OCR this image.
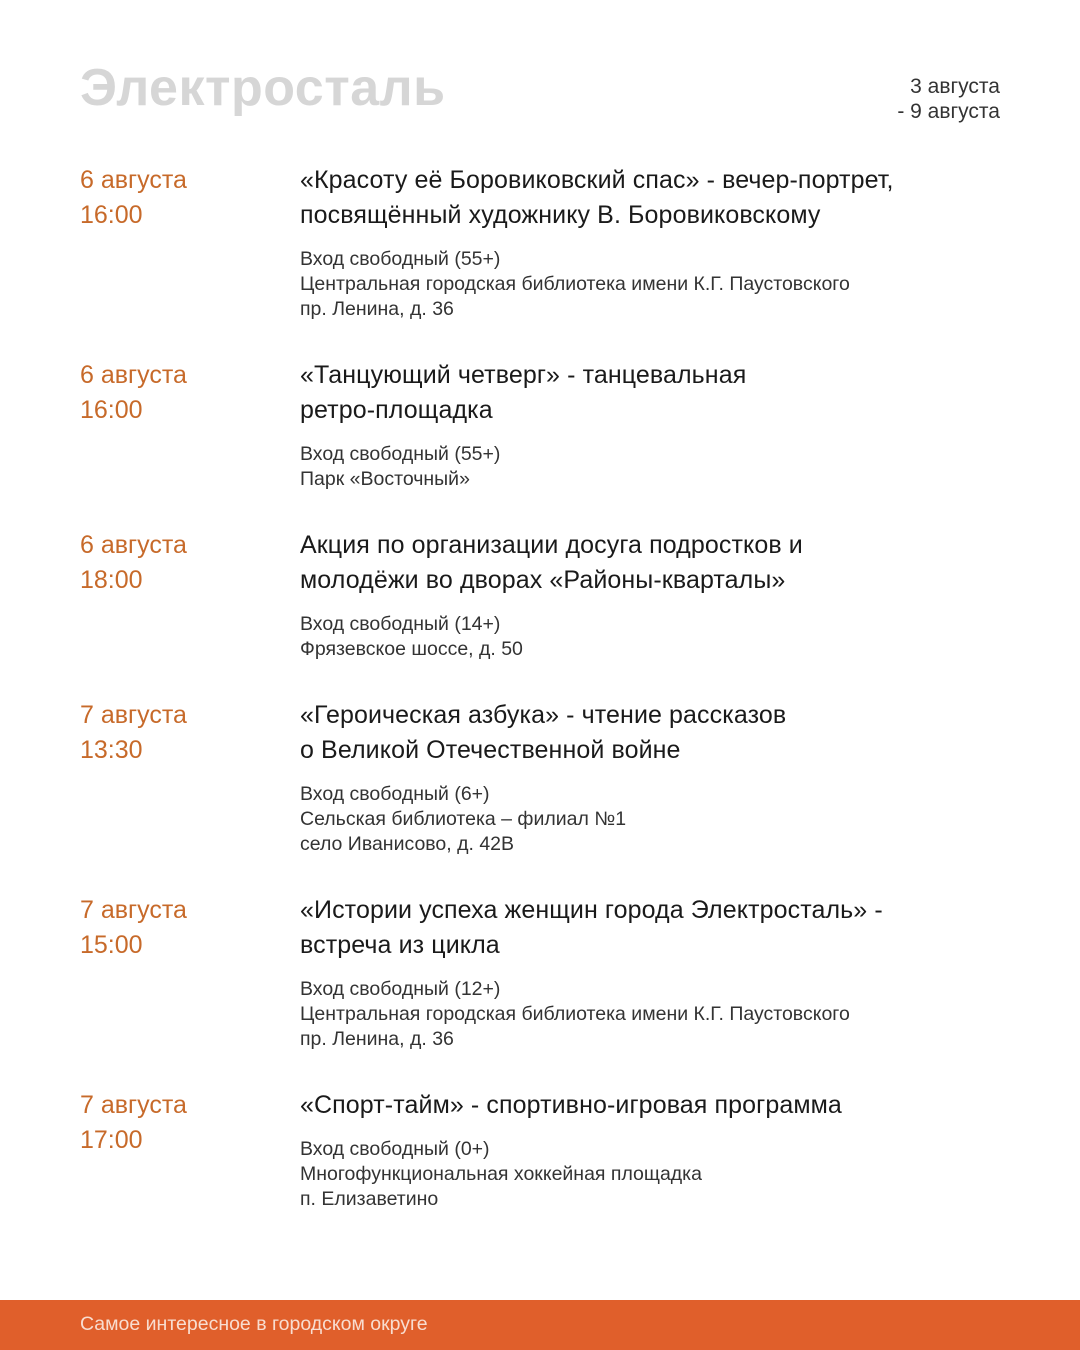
Электросталь	3 августа
- 9 августа
6 августа
16:00
«Красоту её Боровиковский спас» - вечер-портрет,
посвящённый художнику В. Боровиковскому
Вход свободный (55+)
Центральная городская библиотека имени К.Г. Паустовского
пр. Ленина, д. 36
6 августа
16:00
«Танцующий четверг» - танцевальная
ретро-площадка
Вход свободный (55+)
Парк «Восточный»
6 августа
18:00
Акция по организации досуга подростков и
молодёжи во дворах «Районы-кварталы»
Вход свободный (14+)
Фрязевское шоссе, д. 50
7 августа
13:30
«Героическая азбука» - чтение рассказов
о Великой Отечественной войне
Вход свободный (6+)
Сельская библиотека – филиал №1
село Иванисово, д. 42В
7 августа
15:00
«Истории успеха женщин города Электросталь» -
встреча из цикла
Вход свободный (12+)
Центральная городская библиотека имени К.Г. Паустовского
пр. Ленина, д. 36
7 августа
17:00
«Спорт-тайм» - спортивно-игровая программа
Вход свободный (0+)
Многофункциональная хоккейная площадка
п. Елизаветино
Самое интересное в городском округе
